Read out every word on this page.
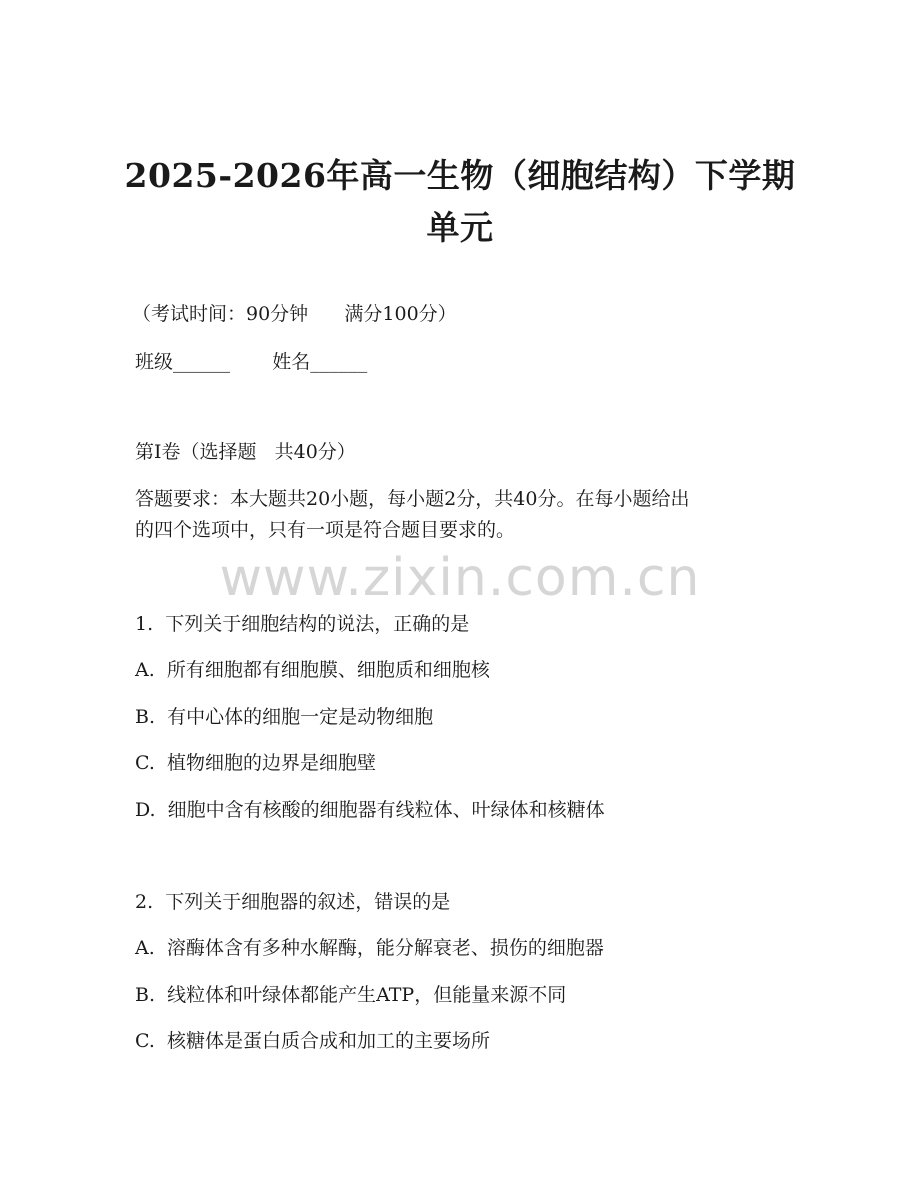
2025-2026年高一生物（细胞结构）下学期
单元
（考试时间：90分钟      满分100分）
班级______       姓名______
第Ⅰ卷（选择题   共40分）
答题要求：本大题共20小题，每小题2分，共40分。在每小题给出
的四个选项中，只有一项是符合题目要求的。
www.zixin.com.cn
1.  下列关于细胞结构的说法，正确的是
A.  所有细胞都有细胞膜、细胞质和细胞核
B.  有中心体的细胞一定是动物细胞
C.  植物细胞的边界是细胞壁
D.  细胞中含有核酸的细胞器有线粒体、叶绿体和核糖体
2.  下列关于细胞器的叙述，错误的是
A.  溶酶体含有多种水解酶，能分解衰老、损伤的细胞器
B.  线粒体和叶绿体都能产生ATP，但能量来源不同
C.  核糖体是蛋白质合成和加工的主要场所
